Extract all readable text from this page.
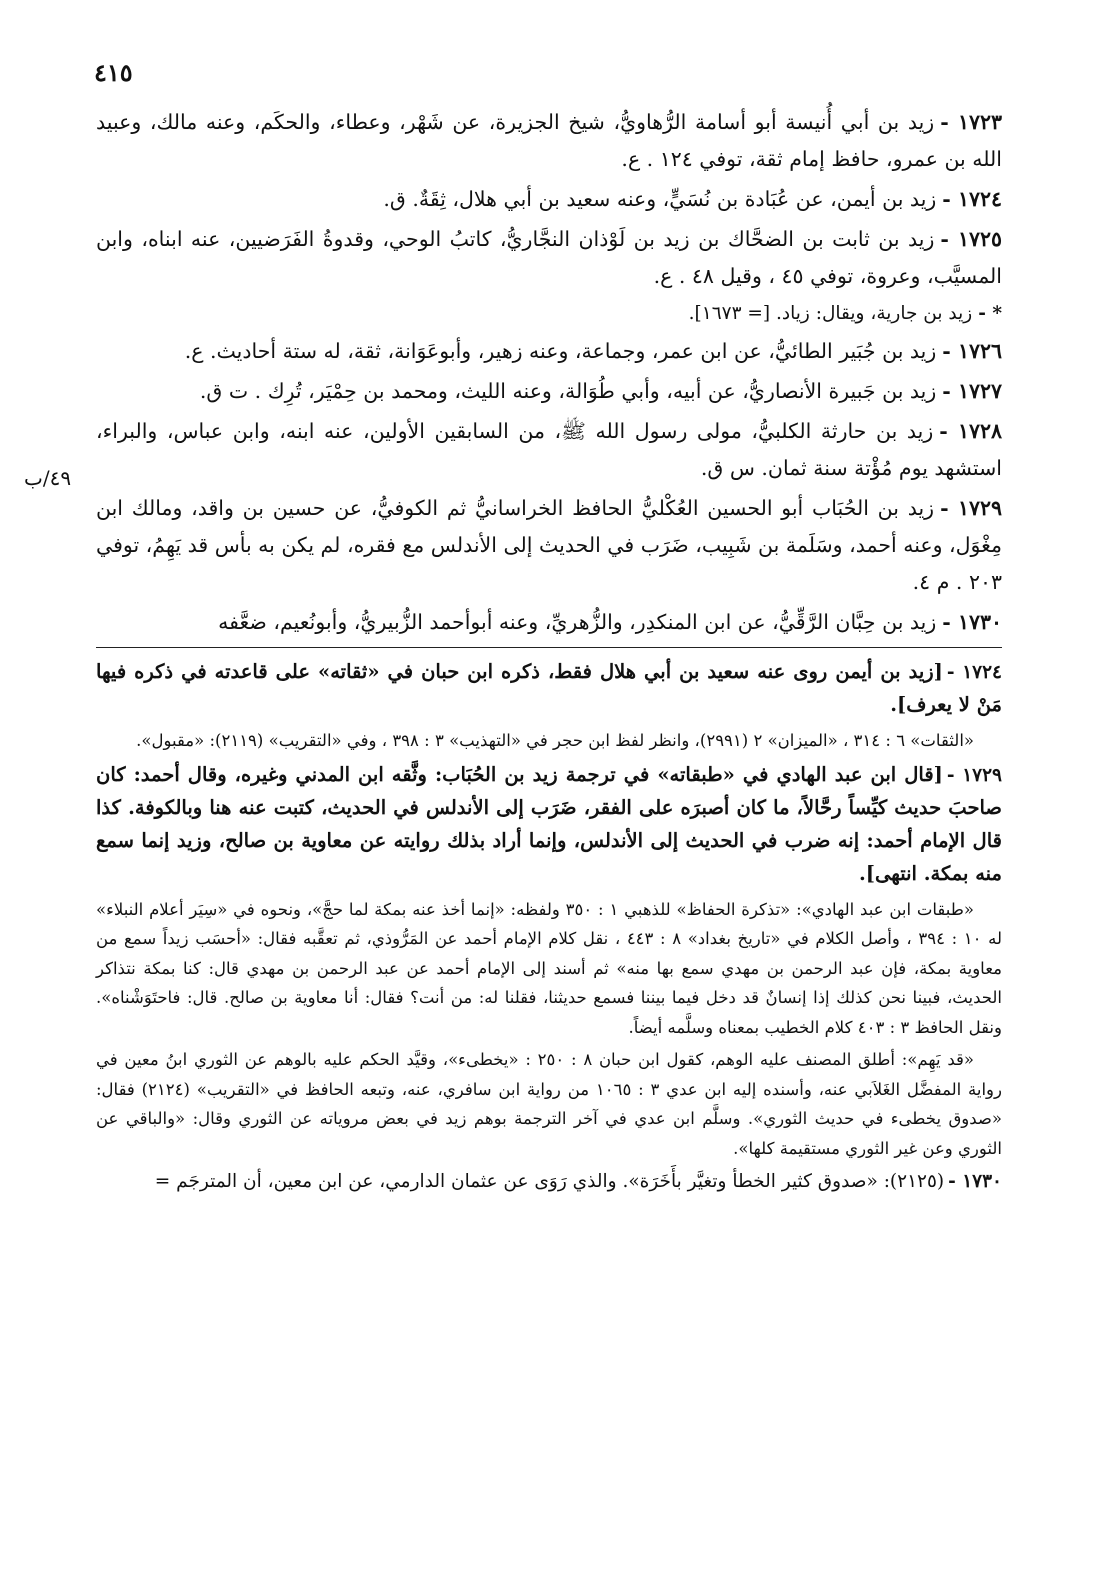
٤١٥
٤٩/ب

١٧٢٣ -زيد بن أبي أُنيسة أبو أسامة الرُّهاويُّ، شيخ الجزيرة، عن شَهْر، وعطاء، والحكَم، وعنه مالك، وعبيد الله بن عمرو، حافظ إمام ثقة، توفي ١٢٤ . ع.

١٧٢٤ -زيد بن أيمن، عن عُبَادة بن نُسَيٍّ، وعنه سعيد بن أبي هلال، ثِقَةٌ. ق.

١٧٢٥ -زيد بن ثابت بن الضحَّاك بن زيد بن لَوْذان النجَّاريُّ، كاتبُ الوحي، وقدوةُ الفَرَضيين، عنه ابناه، وابن المسيَّب، وعروة، توفي ٤٥ ، وقيل ٤٨ . ع.

* -زيد بن جارية، ويقال: زياد. [= ١٦٧٣].

١٧٢٦ -زيد بن جُبَير الطائيُّ، عن ابن عمر، وجماعة، وعنه زهير، وأبوعَوَانة، ثقة، له ستة أحاديث. ع.

١٧٢٧ -زيد بن جَبيرة الأنصاريُّ، عن أبيه، وأبي طُوَالة، وعنه الليث، ومحمد بن حِمْيَر، تُرِك . ت ق.

١٧٢٨ -زيد بن حارثة الكلبيُّ، مولى رسول الله ﷺ، من السابقين الأولين، عنه ابنه، وابن عباس، والبراء، استشهد يوم مُؤْتة سنة ثمان. س ق.

١٧٢٩ -زيد بن الحُبَاب أبو الحسين العُكْليُّ الحافظ الخراسانيُّ ثم الكوفيُّ، عن حسين بن واقد، ومالك ابن مِغْوَل، وعنه أحمد، وسَلَمة بن شَبِيب، ضَرَب في الحديث إلى الأندلس مع فقره، لم يكن به بأس قد يَهِمُ، توفي ٢٠٣ . م ٤.

١٧٣٠ -زيد بن حِبَّان الرَّقِّيُّ، عن ابن المنكدِر، والزُّهريِّ، وعنه أبوأحمد الزُّبيريُّ، وأبونُعيم، ضعَّفه

١٧٢٤ -[زيد بن أيمن روى عنه سعيد بن أبي هلال فقط، ذكره ابن حبان في «ثقاته» على قاعدته في ذكره فيها مَنْ لا يعرف].

«الثقات» ٦ : ٣١٤ ، «الميزان» ٢ (٢٩٩١)، وانظر لفظ ابن حجر في «التهذيب» ٣ : ٣٩٨ ، وفي «التقريب» (٢١١٩): «مقبول».

١٧٢٩ -[قال ابن عبد الهادي في «طبقاته» في ترجمة زيد بن الحُبَاب: وثَّقه ابن المدني وغيره، وقال أحمد: كان صاحبَ حديث كيِّساً رحَّالاً، ما كان أصبرَه على الفقر، ضَرَب إلى الأندلس في الحديث، كتبت عنه هنا وبالكوفة. كذا قال الإمام أحمد: إنه ضرب في الحديث إلى الأندلس، وإنما أراد بذلك روايته عن معاوية بن صالح، وزيد إنما سمع منه بمكة. انتهى].

«طبقات ابن عبد الهادي»: «تذكرة الحفاظ» للذهبي ١ : ٣٥٠ ولفظه: «إنما أخذ عنه بمكة لما حجَّ»، ونحوه في «سِيَر أعلام النبلاء» له ١٠ : ٣٩٤ ، وأصل الكلام في «تاريخ بغداد» ٨ : ٤٤٣ ، نقل كلام الإمام أحمد عن المَرُّوذي، ثم تعقَّبه فقال: «أحسَب زيداً سمع من معاوية بمكة، فإن عبد الرحمن بن مهدي سمع بها منه» ثم أسند إلى الإمام أحمد عن عبد الرحمن بن مهدي قال: كنا بمكة نتذاكر الحديث، فبينا نحن كذلك إذا إنسانٌ قد دخل فيما بيننا فسمع حديثنا، فقلنا له: من أنت؟ فقال: أنا معاوية بن صالح. قال: فاحتَوَشْناه». ونقل الحافظ ٣ : ٤٠٣ كلام الخطيب بمعناه وسلَّمه أيضاً.

«قد يَهِم»: أطلق المصنف عليه الوهم، كقول ابن حبان ٨ : ٢٥٠ : «يخطىء»، وقيَّد الحكم عليه بالوهم عن الثوري ابنُ معين في رواية المفضَّل الغَلاَبي عنه، وأسنده إليه ابن عدي ٣ : ١٠٦٥ من رواية ابن سافري، عنه، وتبعه الحافظ في «التقريب» (٢١٢٤) فقال: «صدوق يخطىء في حديث الثوري». وسلَّم ابن عدي في آخر الترجمة بوهم زيد في بعض مروياته عن الثوري وقال: «والباقي عن الثوري وعن غير الثوري مستقيمة كلها».

١٧٣٠ -(٢١٢٥): «صدوق كثير الخطأ وتغيَّر بأَخَرَة». والذي رَوَى عن عثمان الدارمي، عن ابن معين، أن المترجَم =
